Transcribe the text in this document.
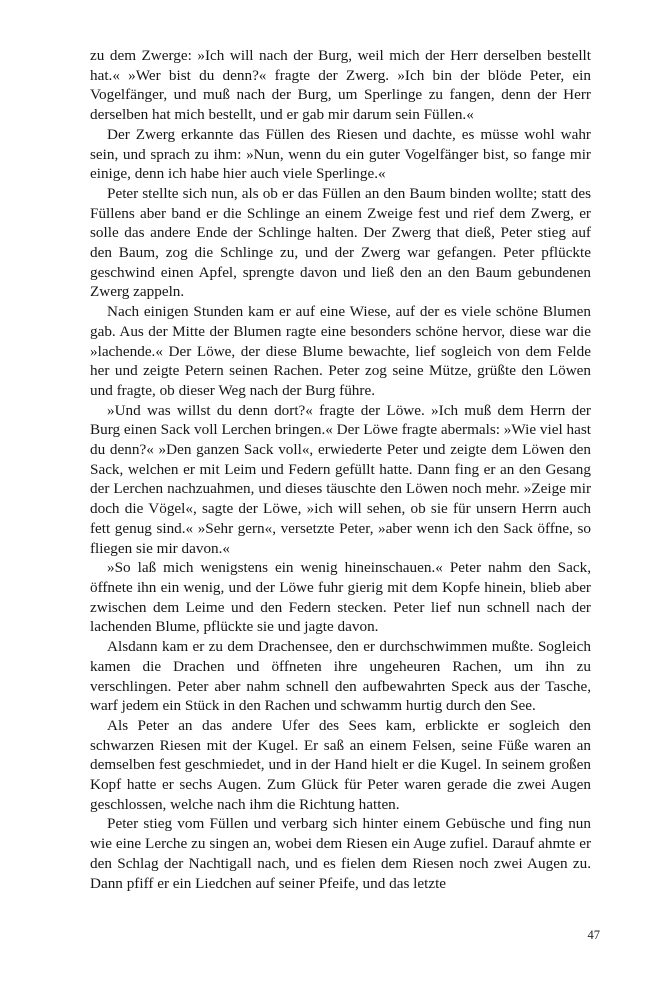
zu dem Zwerge: »Ich will nach der Burg, weil mich der Herr derselben bestellt hat.« »Wer bist du denn?« fragte der Zwerg. »Ich bin der blöde Peter, ein Vogelfänger, und muß nach der Burg, um Sperlinge zu fangen, denn der Herr derselben hat mich bestellt, und er gab mir darum sein Füllen.«

Der Zwerg erkannte das Füllen des Riesen und dachte, es müsse wohl wahr sein, und sprach zu ihm: »Nun, wenn du ein guter Vogelfänger bist, so fange mir einige, denn ich habe hier auch viele Sperlinge.«

Peter stellte sich nun, als ob er das Füllen an den Baum binden wollte; statt des Füllens aber band er die Schlinge an einem Zweige fest und rief dem Zwerg, er solle das andere Ende der Schlinge halten. Der Zwerg that dieß, Peter stieg auf den Baum, zog die Schlinge zu, und der Zwerg war gefangen. Peter pflückte geschwind einen Apfel, sprengte davon und ließ den an den Baum gebundenen Zwerg zappeln.

Nach einigen Stunden kam er auf eine Wiese, auf der es viele schöne Blumen gab. Aus der Mitte der Blumen ragte eine besonders schöne hervor, diese war die »lachende.« Der Löwe, der diese Blume bewachte, lief sogleich von dem Felde her und zeigte Petern seinen Rachen. Peter zog seine Mütze, grüßte den Löwen und fragte, ob dieser Weg nach der Burg führe.

»Und was willst du denn dort?« fragte der Löwe. »Ich muß dem Herrn der Burg einen Sack voll Lerchen bringen.« Der Löwe fragte abermals: »Wie viel hast du denn?« »Den ganzen Sack voll«, erwiederte Peter und zeigte dem Löwen den Sack, welchen er mit Leim und Federn gefüllt hatte. Dann fing er an den Gesang der Lerchen nachzuahmen, und dieses täuschte den Löwen noch mehr. »Zeige mir doch die Vögel«, sagte der Löwe, »ich will sehen, ob sie für unsern Herrn auch fett genug sind.« »Sehr gern«, versetzte Peter, »aber wenn ich den Sack öffne, so fliegen sie mir davon.«

»So laß mich wenigstens ein wenig hineinschauen.« Peter nahm den Sack, öffnete ihn ein wenig, und der Löwe fuhr gierig mit dem Kopfe hinein, blieb aber zwischen dem Leime und den Federn stecken. Peter lief nun schnell nach der lachenden Blume, pflückte sie und jagte davon.

Alsdann kam er zu dem Drachensee, den er durchschwimmen mußte. Sogleich kamen die Drachen und öffneten ihre ungeheuren Rachen, um ihn zu verschlingen. Peter aber nahm schnell den aufbewahrten Speck aus der Tasche, warf jedem ein Stück in den Rachen und schwamm hurtig durch den See.

Als Peter an das andere Ufer des Sees kam, erblickte er sogleich den schwarzen Riesen mit der Kugel. Er saß an einem Felsen, seine Füße waren an demselben fest geschmiedet, und in der Hand hielt er die Kugel. In seinem großen Kopf hatte er sechs Augen. Zum Glück für Peter waren gerade die zwei Augen geschlossen, welche nach ihm die Richtung hatten.

Peter stieg vom Füllen und verbarg sich hinter einem Gebüsche und fing nun wie eine Lerche zu singen an, wobei dem Riesen ein Auge zufiel. Darauf ahmte er den Schlag der Nachtigall nach, und es fielen dem Riesen noch zwei Augen zu. Dann pfiff er ein Liedchen auf seiner Pfeife, und das letzte

47
